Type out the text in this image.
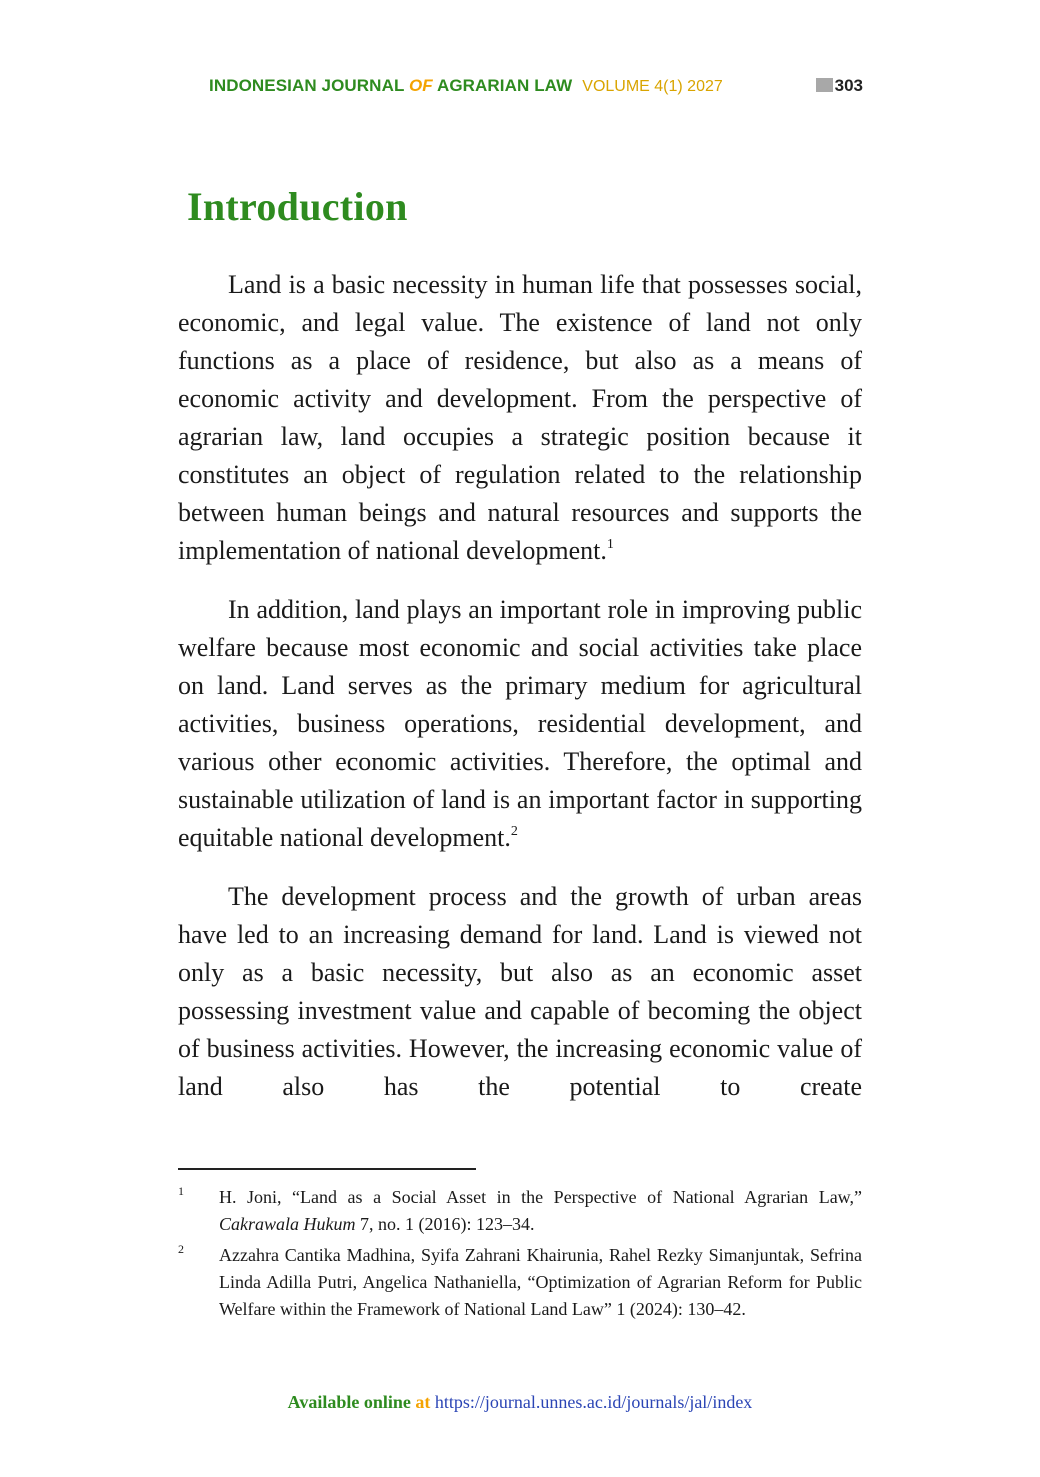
INDONESIAN JOURNAL OF AGRARIAN LAW VOLUME 4(1) 2027	303
Introduction

Land is a basic necessity in human life that possesses social, economic, and legal value. The existence of land not only functions as a place of residence, but also as a means of economic activity and development. From the perspective of agrarian law, land occupies a strategic position because it constitutes an object of regulation related to the relationship between human beings and natural resources and supports the implementation of national development.$^1$

In addition, land plays an important role in improving public welfare because most economic and social activities take place on land. Land serves as the primary medium for agricultural activities, business operations, residential development, and various other economic activities. Therefore, the optimal and sustainable utilization of land is an important factor in supporting equitable national development.$^2$

The development process and the growth of urban areas have led to an increasing demand for land. Land is viewed not only as a basic necessity, but also as an economic asset possessing investment value and capable of becoming the object of business activities. However, the increasing economic value of land also has the potential to create

1 H. Joni, “Land as a Social Asset in the Perspective of National Agrarian Law,” Cakrawala Hukum 7, no. 1 (2016): 123–34.
2 Azzahra Cantika Madhina, Syifa Zahrani Khairunia, Rahel Rezky Simanjuntak, Sefrina Linda Adilla Putri, Angelica Nathaniella, “Optimization of Agrarian Reform for Public Welfare within the Framework of National Land Law” 1 (2024): 130–42.
Available online at https://journal.unnes.ac.id/journals/jal/index
